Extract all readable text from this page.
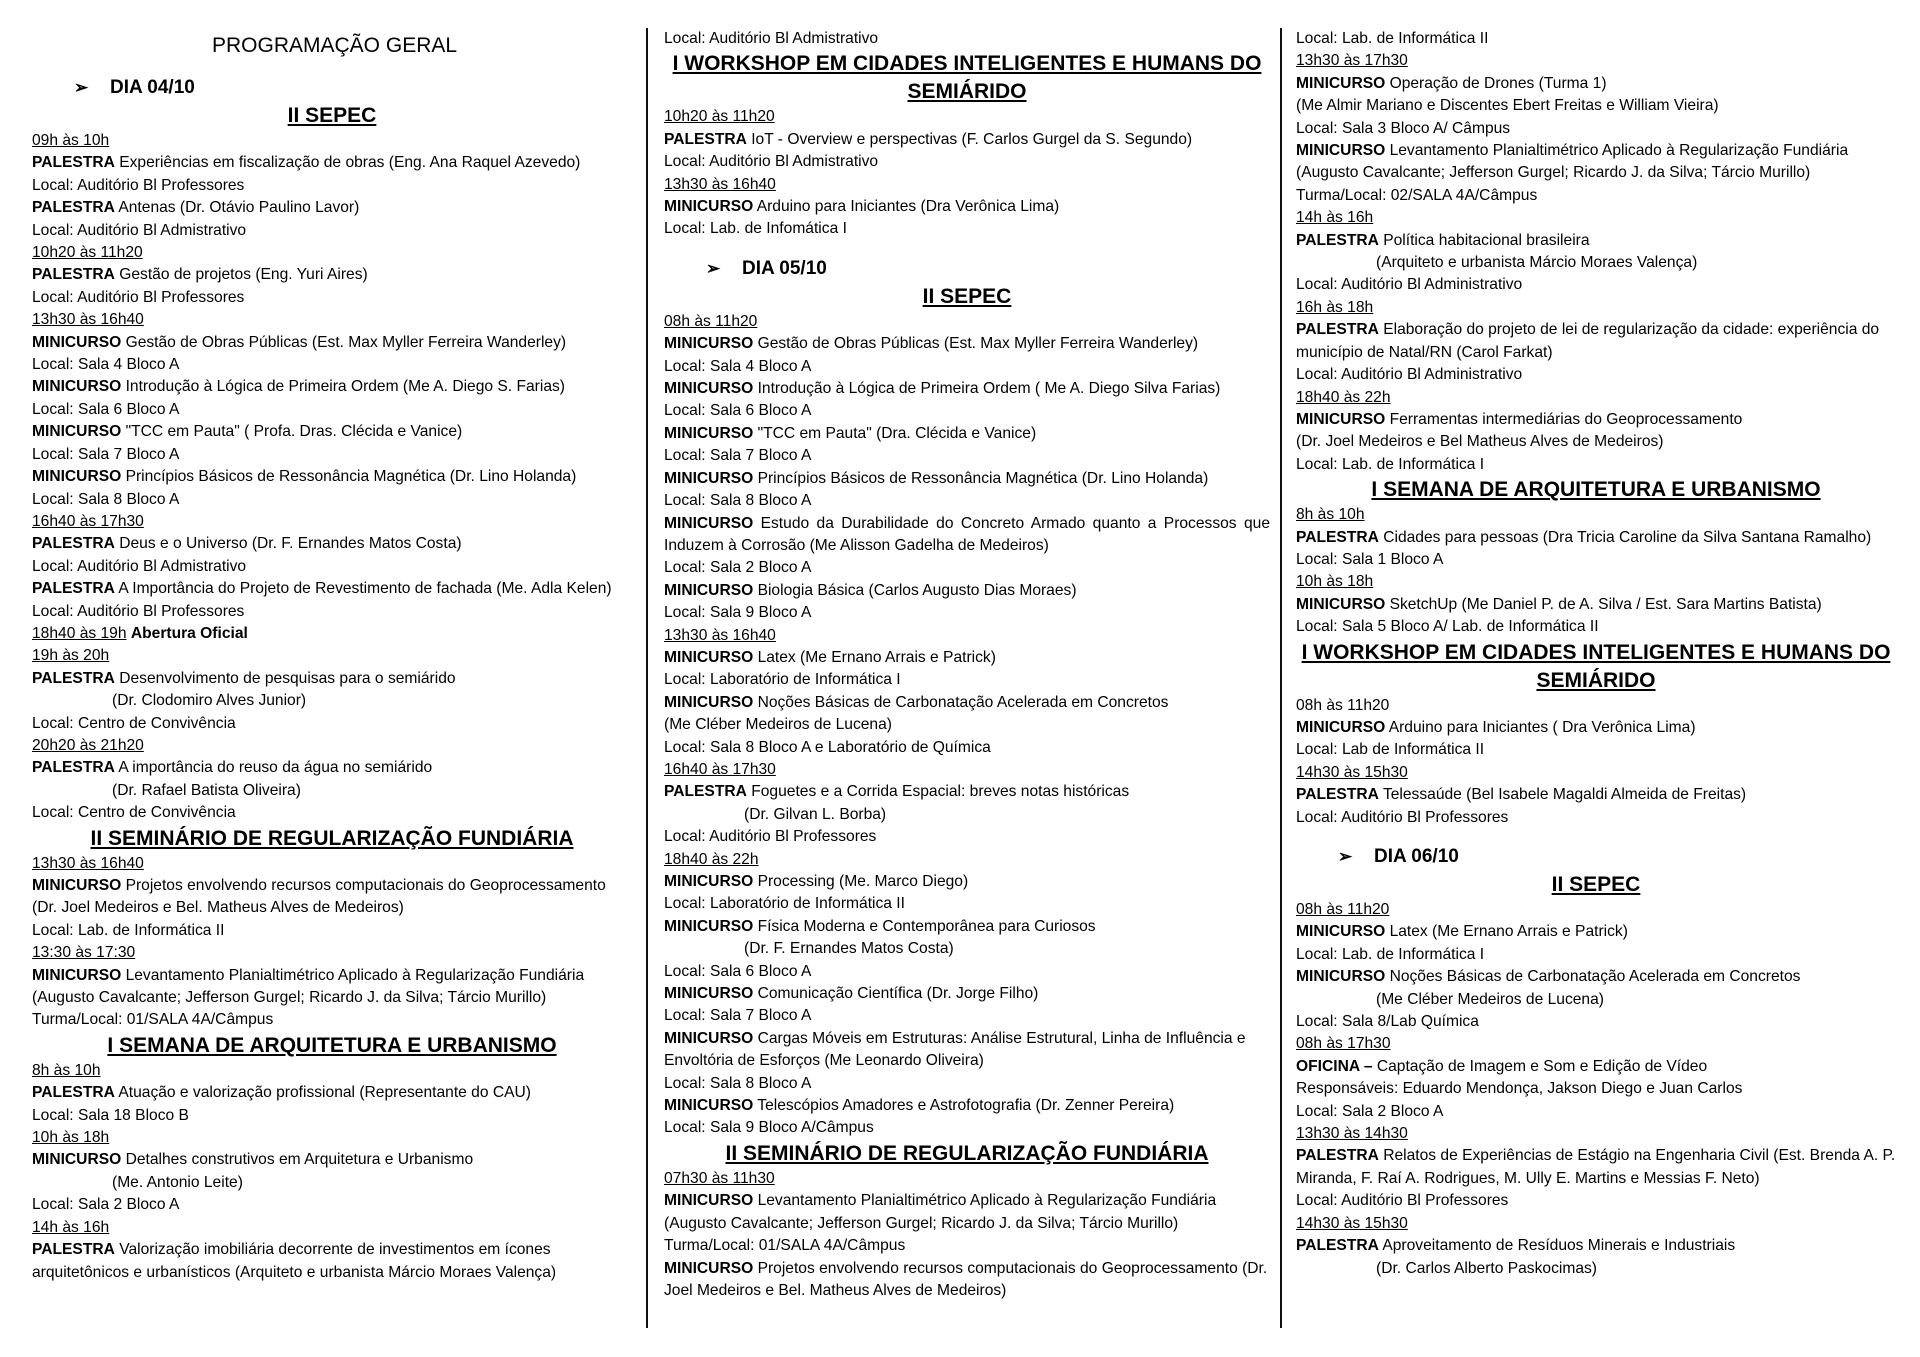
PROGRAMAÇÃO GERAL
➢ DIA 04/10
II SEPEC
09h às 10h
PALESTRA Experiências em fiscalização de obras (Eng. Ana Raquel Azevedo)
Local: Auditório Bl Professores
PALESTRA Antenas (Dr. Otávio Paulino Lavor)
Local: Auditório Bl Admistrativo
10h20 às 11h20
PALESTRA Gestão de projetos (Eng. Yuri Aires)
Local: Auditório Bl Professores
13h30 às 16h40
MINICURSO Gestão de Obras Públicas (Est. Max Myller Ferreira Wanderley)
Local: Sala 4 Bloco A
MINICURSO Introdução à Lógica de Primeira Ordem (Me A. Diego S. Farias)
Local: Sala 6 Bloco A
MINICURSO "TCC em Pauta" ( Profa. Dras. Clécida e Vanice)
Local: Sala 7 Bloco A
MINICURSO Princípios Básicos de Ressonância Magnética (Dr. Lino Holanda)
Local: Sala 8 Bloco A
16h40 às 17h30
PALESTRA Deus e o Universo (Dr. F. Ernandes Matos Costa)
Local: Auditório Bl Admistrativo
PALESTRA A Importância do Projeto de Revestimento de fachada (Me. Adla Kelen)
Local: Auditório Bl Professores
18h40 às 19h Abertura Oficial
19h às 20h
PALESTRA Desenvolvimento de pesquisas para o semiárido
(Dr. Clodomiro Alves Junior)
Local: Centro de Convivência
20h20 às 21h20
PALESTRA A importância do reuso da água no semiárido
(Dr. Rafael Batista Oliveira)
Local: Centro de Convivência
II SEMINÁRIO DE REGULARIZAÇÃO FUNDIÁRIA
13h30 às 16h40
MINICURSO Projetos envolvendo recursos computacionais do Geoprocessamento (Dr. Joel Medeiros e Bel. Matheus Alves de Medeiros)
Local: Lab. de Informática II
13:30 às 17:30
MINICURSO Levantamento Planialtimétrico Aplicado à Regularização Fundiária (Augusto Cavalcante; Jefferson Gurgel; Ricardo J. da Silva; Tárcio Murillo)
Turma/Local: 01/SALA 4A/Câmpus
I SEMANA DE ARQUITETURA E URBANISMO
8h às 10h
PALESTRA Atuação e valorização profissional (Representante do CAU)
Local: Sala 18 Bloco B
10h às 18h
MINICURSO Detalhes construtivos em Arquitetura e Urbanismo
(Me. Antonio Leite)
Local: Sala 2 Bloco A
14h às 16h
PALESTRA Valorização imobiliária decorrente de investimentos em ícones arquitetônicos e urbanísticos (Arquiteto e urbanista Márcio Moraes Valença)
Local: Auditório Bl Admistrativo
I WORKSHOP EM CIDADES INTELIGENTES E HUMANS DO SEMIÁRIDO
10h20 às 11h20
PALESTRA IoT - Overview e perspectivas (F. Carlos Gurgel da S. Segundo)
Local: Auditório Bl Admistrativo
13h30 às 16h40
MINICURSO Arduino para Iniciantes (Dra Verônica Lima)
Local: Lab. de Infomática I
➢ DIA 05/10
II SEPEC
08h às 11h20
MINICURSO Gestão de Obras Públicas (Est. Max Myller Ferreira Wanderley)
Local: Sala 4 Bloco A
MINICURSO Introdução à Lógica de Primeira Ordem ( Me A. Diego Silva Farias)
Local: Sala 6 Bloco A
MINICURSO "TCC em Pauta" (Dra. Clécida e Vanice)
Local: Sala 7 Bloco A
MINICURSO Princípios Básicos de Ressonância Magnética (Dr. Lino Holanda)
Local: Sala 8 Bloco A
MINICURSO Estudo da Durabilidade do Concreto Armado quanto a Processos que Induzem à Corrosão (Me Alisson Gadelha de Medeiros)
Local: Sala 2 Bloco A
MINICURSO Biologia Básica (Carlos Augusto Dias Moraes)
Local: Sala 9 Bloco A
13h30 às 16h40
MINICURSO Latex (Me Ernano Arrais e Patrick)
Local: Laboratório de Informática I
MINICURSO Noções Básicas de Carbonatação Acelerada em Concretos
(Me Cléber Medeiros de Lucena)
Local: Sala 8 Bloco A e Laboratório de Química
16h40 às 17h30
PALESTRA Foguetes e a Corrida Espacial: breves notas históricas
(Dr. Gilvan L. Borba)
Local: Auditório Bl Professores
18h40 às 22h
MINICURSO Processing (Me. Marco Diego)
Local: Laboratório de Informática II
MINICURSO Física Moderna e Contemporânea para Curiosos
(Dr. F. Ernandes Matos Costa)
Local: Sala 6 Bloco A
MINICURSO Comunicação Científica (Dr. Jorge Filho)
Local: Sala 7 Bloco A
MINICURSO Cargas Móveis em Estruturas: Análise Estrutural, Linha de Influência e Envoltória de Esforços (Me Leonardo Oliveira)
Local: Sala 8 Bloco A
MINICURSO Telescópios Amadores e Astrofotografia (Dr. Zenner Pereira)
Local: Sala 9 Bloco A/Câmpus
II SEMINÁRIO DE REGULARIZAÇÃO FUNDIÁRIA
07h30 às 11h30
MINICURSO Levantamento Planialtimétrico Aplicado à Regularização Fundiária (Augusto Cavalcante; Jefferson Gurgel; Ricardo J. da Silva; Tárcio Murillo)
Turma/Local: 01/SALA 4A/Câmpus
MINICURSO Projetos envolvendo recursos computacionais do Geoprocessamento (Dr. Joel Medeiros e Bel. Matheus Alves de Medeiros)
Local: Lab. de Informática II
13h30 às 17h30
MINICURSO Operação de Drones (Turma 1)
(Me Almir Mariano e Discentes Ebert Freitas e William Vieira)
Local: Sala 3 Bloco A/ Câmpus
MINICURSO Levantamento Planialtimétrico Aplicado à Regularização Fundiária (Augusto Cavalcante; Jefferson Gurgel; Ricardo J. da Silva; Tárcio Murillo)
Turma/Local: 02/SALA 4A/Câmpus
14h às 16h
PALESTRA Política habitacional brasileira
(Arquiteto e urbanista Márcio Moraes Valença)
Local: Auditório Bl Administrativo
16h às 18h
PALESTRA Elaboração do projeto de lei de regularização da cidade: experiência do município de Natal/RN (Carol Farkat)
Local: Auditório Bl Administrativo
18h40 às 22h
MINICURSO Ferramentas intermediárias do Geoprocessamento
(Dr. Joel Medeiros e Bel Matheus Alves de Medeiros)
Local: Lab. de Informática I
I SEMANA DE ARQUITETURA E URBANISMO
8h às 10h
PALESTRA Cidades para pessoas (Dra Tricia Caroline da Silva Santana Ramalho)
Local: Sala 1 Bloco A
10h às 18h
MINICURSO SketchUp (Me Daniel P. de A. Silva / Est. Sara Martins Batista)
Local: Sala 5 Bloco A/ Lab. de Informática II
I WORKSHOP EM CIDADES INTELIGENTES E HUMANS DO SEMIÁRIDO
08h às 11h20
MINICURSO Arduino para Iniciantes ( Dra Verônica Lima)
Local: Lab de Informática II
14h30 às 15h30
PALESTRA Telessaúde (Bel Isabele Magaldi Almeida de Freitas)
Local: Auditório Bl Professores
➢ DIA 06/10
II SEPEC
08h às 11h20
MINICURSO Latex (Me Ernano Arrais e Patrick)
Local: Lab. de Informática I
MINICURSO Noções Básicas de Carbonatação Acelerada em Concretos
(Me Cléber Medeiros de Lucena)
Local: Sala 8/Lab Química
08h às 17h30
OFICINA – Captação de Imagem e Som e Edição de Vídeo
Responsáveis: Eduardo Mendonça, Jakson Diego e Juan Carlos
Local: Sala 2 Bloco A
13h30 às 14h30
PALESTRA Relatos de Experiências de Estágio na Engenharia Civil (Est. Brenda A. P. Miranda, F. Raí A. Rodrigues, M. Ully E. Martins e Messias F. Neto)
Local: Auditório Bl Professores
14h30 às 15h30
PALESTRA Aproveitamento de Resíduos Minerais e Industriais
(Dr. Carlos Alberto Paskocimas)
